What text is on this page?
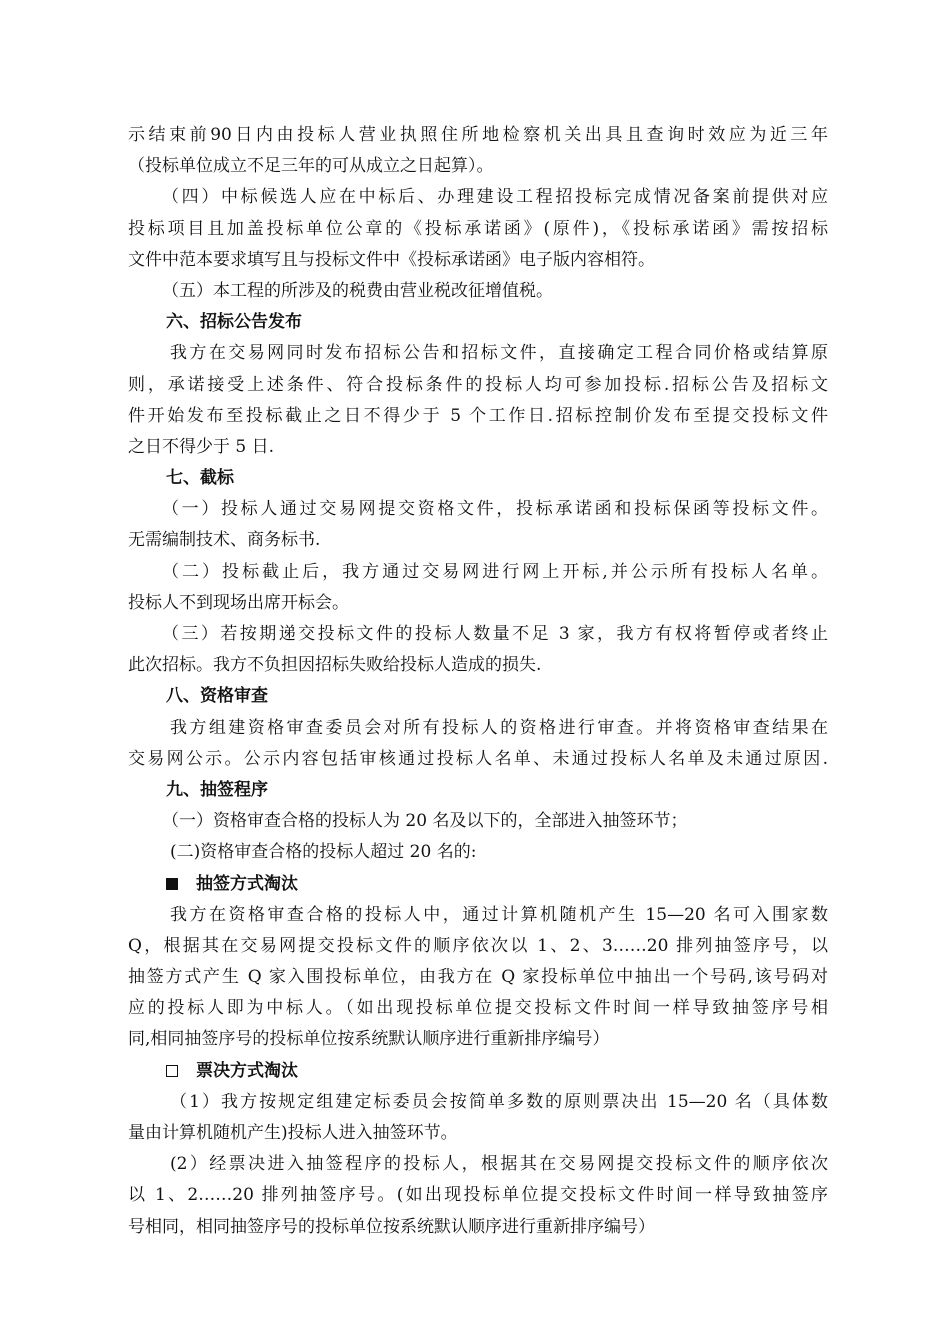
示结束前90日内由投标人营业执照住所地检察机关出具且查询时效应为近三年
（投标单位成立不足三年的可从成立之日起算）。
（四）中标候选人应在中标后、办理建设工程招投标完成情况备案前提供对应
投标项目且加盖投标单位公章的《投标承诺函》(原件)，《投标承诺函》需按招标
文件中范本要求填写且与投标文件中《投标承诺函》电子版内容相符。
（五）本工程的所涉及的税费由营业税改征增值税。
六、招标公告发布
我方在交易网同时发布招标公告和招标文件，直接确定工程合同价格或结算原
则，承诺接受上述条件、符合投标条件的投标人均可参加投标.招标公告及招标文
件开始发布至投标截止之日不得少于 5 个工作日.招标控制价发布至提交投标文件
之日不得少于 5 日.
七、截标
（一）投标人通过交易网提交资格文件，投标承诺函和投标保函等投标文件。
无需编制技术、商务标书.
（二）投标截止后，我方通过交易网进行网上开标,并公示所有投标人名单。
投标人不到现场出席开标会。
（三）若按期递交投标文件的投标人数量不足 3 家，我方有权将暂停或者终止
此次招标。我方不负担因招标失败给投标人造成的损失.
八、资格审查
我方组建资格审查委员会对所有投标人的资格进行审查。并将资格审查结果在
交易网公示。公示内容包括审核通过投标人名单、未通过投标人名单及未通过原因.
九、抽签程序
（一）资格审查合格的投标人为 20 名及以下的，全部进入抽签环节；
(二)资格审查合格的投标人超过 20 名的:
抽签方式淘汰
我方在资格审查合格的投标人中，通过计算机随机产生 15—20 名可入围家数
Q，根据其在交易网提交投标文件的顺序依次以 1、2、3……20 排列抽签序号，以
抽签方式产生 Q 家入围投标单位，由我方在 Q 家投标单位中抽出一个号码,该号码对
应的投标人即为中标人。（如出现投标单位提交投标文件时间一样导致抽签序号相
同,相同抽签序号的投标单位按系统默认顺序进行重新排序编号）
票决方式淘汰
（1）我方按规定组建定标委员会按简单多数的原则票决出 15—20 名（具体数
量由计算机随机产生)投标人进入抽签环节。
(2）经票决进入抽签程序的投标人，根据其在交易网提交投标文件的顺序依次
以 1、2……20 排列抽签序号。(如出现投标单位提交投标文件时间一样导致抽签序
号相同，相同抽签序号的投标单位按系统默认顺序进行重新排序编号）
